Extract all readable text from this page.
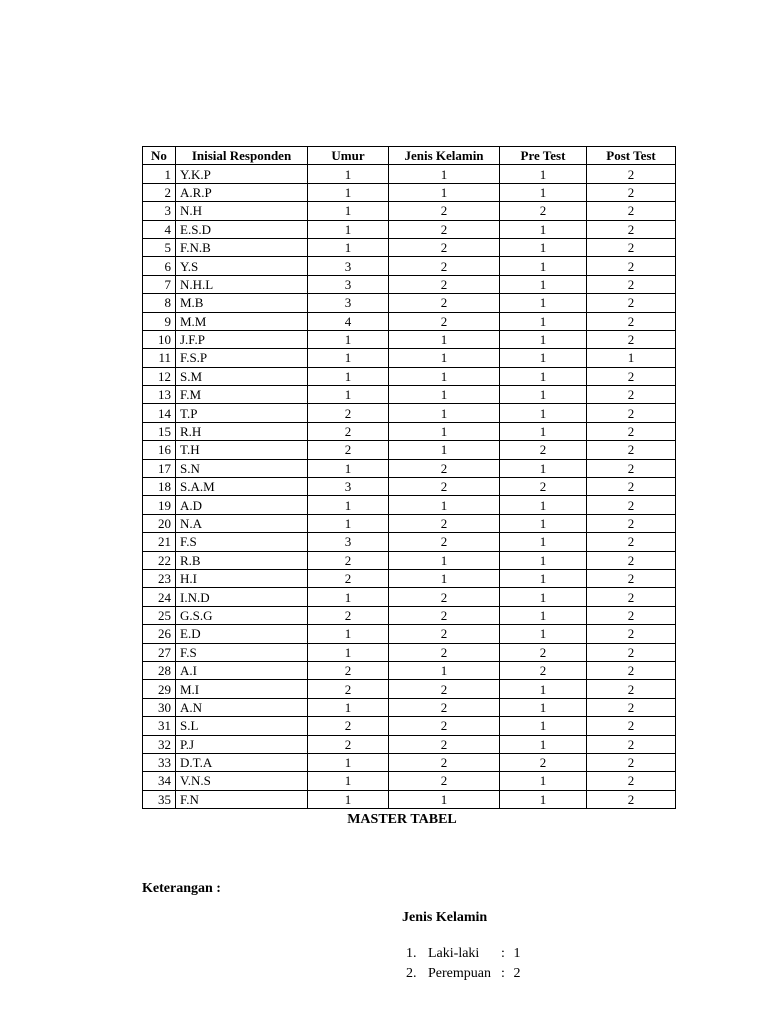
No	Inisial Responden	Umur	Jenis Kelamin	Pre Test	Post Test
1	Y.K.P	1	1	1	2
2	A.R.P	1	1	1	2
3	N.H	1	2	2	2
4	E.S.D	1	2	1	2
5	F.N.B	1	2	1	2
6	Y.S	3	2	1	2
7	N.H.L	3	2	1	2
8	M.B	3	2	1	2
9	M.M	4	2	1	2
10	J.F.P	1	1	1	2
11	F.S.P	1	1	1	1
12	S.M	1	1	1	2
13	F.M	1	1	1	2
14	T.P	2	1	1	2
15	R.H	2	1	1	2
16	T.H	2	1	2	2
17	S.N	1	2	1	2
18	S.A.M	3	2	2	2
19	A.D	1	1	1	2
20	N.A	1	2	1	2
21	F.S	3	2	1	2
22	R.B	2	1	1	2
23	H.I	2	1	1	2
24	I.N.D	1	2	1	2
25	G.S.G	2	2	1	2
26	E.D	1	2	1	2
27	F.S	1	2	2	2
28	A.I	2	1	2	2
29	M.I	2	2	1	2
30	A.N	1	2	1	2
31	S.L	2	2	1	2
32	P.J	2	2	1	2
33	D.T.A	1	2	2	2
34	V.N.S	1	2	1	2
35	F.N	1	1	1	2
MASTER TABEL
Keterangan :
Jenis Kelamin
1. Laki-laki : 1
2. Perempuan : 2
